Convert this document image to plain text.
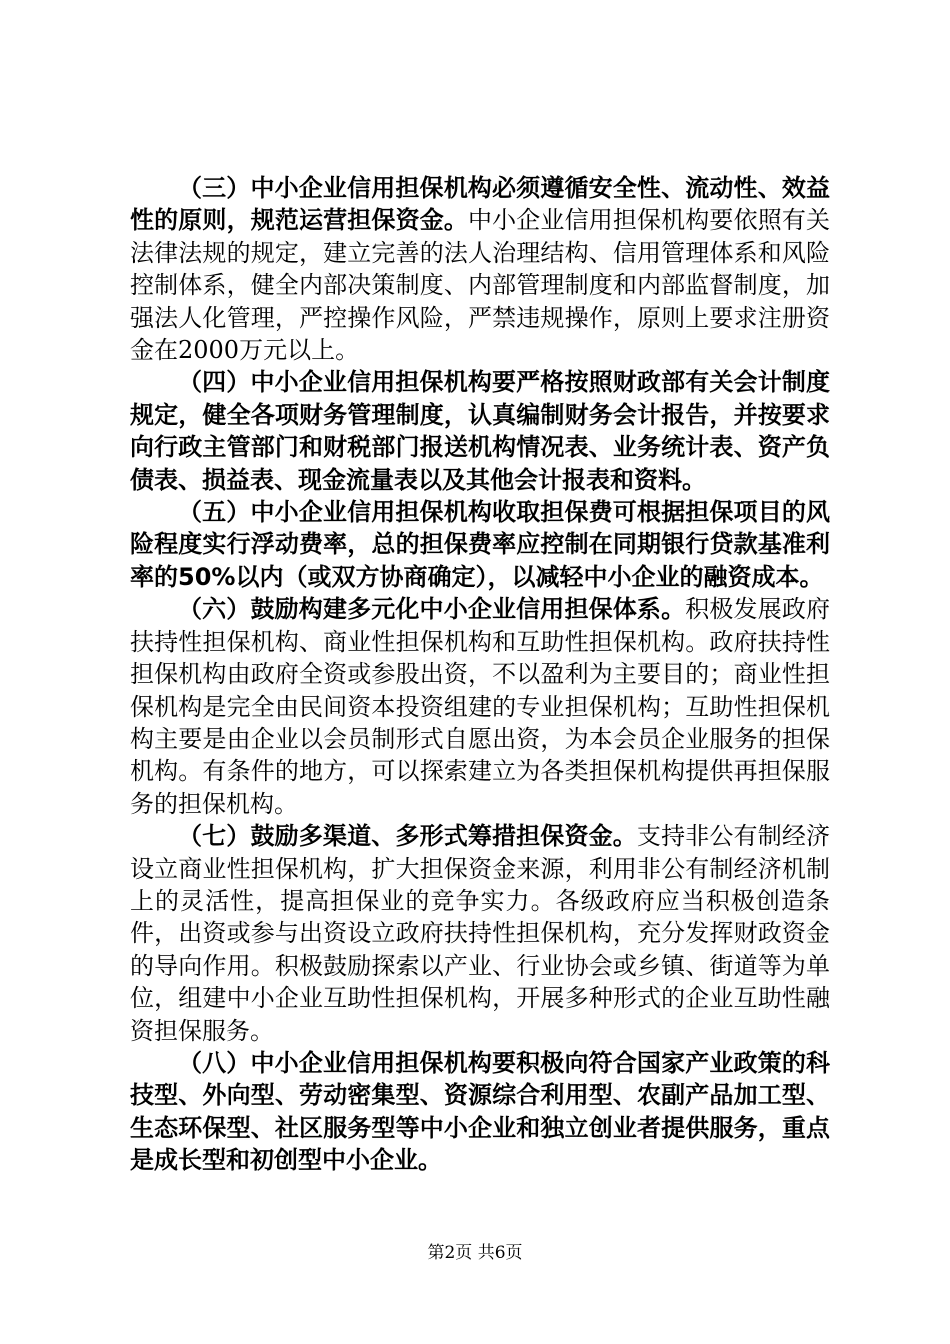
（三）中小企业信用担保机构必须遵循安全性、流动性、效益性的原则，规范运营担保资金。中小企业信用担保机构要依照有关法律法规的规定，建立完善的法人治理结构、信用管理体系和风险控制体系，健全内部决策制度、内部管理制度和内部监督制度，加强法人化管理，严控操作风险，严禁违规操作，原则上要求注册资金在2000万元以上。

（四）中小企业信用担保机构要严格按照财政部有关会计制度规定，健全各项财务管理制度，认真编制财务会计报告，并按要求向行政主管部门和财税部门报送机构情况表、业务统计表、资产负债表、损益表、现金流量表以及其他会计报表和资料。

（五）中小企业信用担保机构收取担保费可根据担保项目的风险程度实行浮动费率，总的担保费率应控制在同期银行贷款基准利率的50%以内（或双方协商确定），以减轻中小企业的融资成本。

（六）鼓励构建多元化中小企业信用担保体系。积极发展政府扶持性担保机构、商业性担保机构和互助性担保机构。政府扶持性担保机构由政府全资或参股出资，不以盈利为主要目的；商业性担保机构是完全由民间资本投资组建的专业担保机构；互助性担保机构主要是由企业以会员制形式自愿出资，为本会员企业服务的担保机构。有条件的地方，可以探索建立为各类担保机构提供再担保服务的担保机构。

（七）鼓励多渠道、多形式筹措担保资金。支持非公有制经济设立商业性担保机构，扩大担保资金来源，利用非公有制经济机制上的灵活性，提高担保业的竞争实力。各级政府应当积极创造条件，出资或参与出资设立政府扶持性担保机构，充分发挥财政资金的导向作用。积极鼓励探索以产业、行业协会或乡镇、街道等为单位，组建中小企业互助性担保机构，开展多种形式的企业互助性融资担保服务。

（八）中小企业信用担保机构要积极向符合国家产业政策的科技型、外向型、劳动密集型、资源综合利用型、农副产品加工型、生态环保型、社区服务型等中小企业和独立创业者提供服务，重点是成长型和初创型中小企业。

第2页 共6页
